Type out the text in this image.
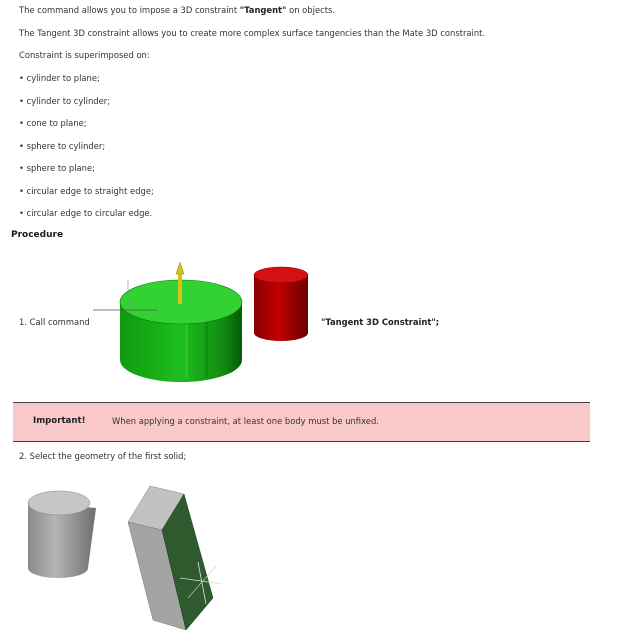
The command allows you to impose a 3D constraint "Tangent" on objects.
The Tangent 3D constraint allows you to create more complex surface tangencies than the Mate 3D constraint.
Constraint is superimposed on:
• cylinder to plane;
• cylinder to cylinder;
• cone to plane;
• sphere to cylinder;
• sphere to plane;
• circular edge to straight edge;
• circular edge to circular edge.
Procedure
1. Call command	"Tangent 3D Constraint";
Important!	When applying a constraint, at least one body must be unfixed.
2. Select the geometry of the first solid;
